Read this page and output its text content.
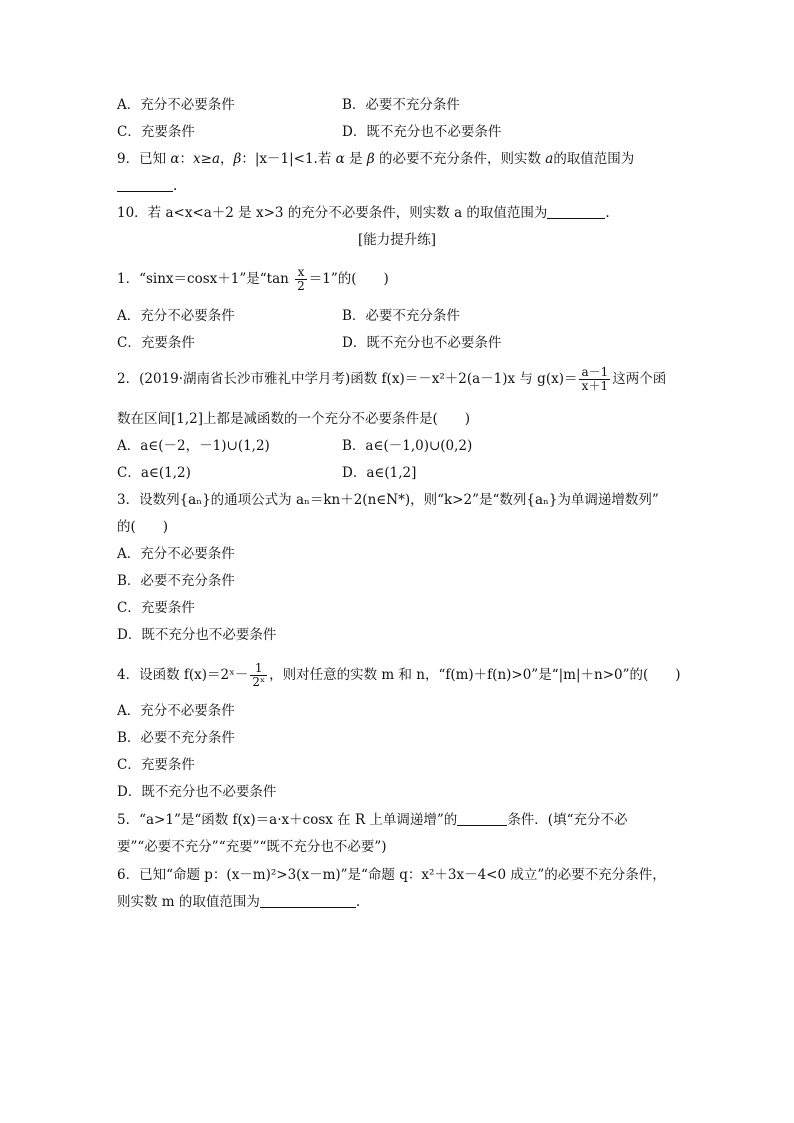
A．充分不必要条件	B．必要不充分条件
C．充要条件	D．既不充分也不必要条件
9．已知 α：x≥a，β：|x－1|<1.若 α 是 β 的必要不充分条件，则实数 a的取值范围为
.
10．若 a<x<a＋2 是 x>3 的充分不必要条件，则实数 a 的取值范围为	.
[能力提升练]
1．“sinx＝cosx＋1”是“$\tan \frac{x}{2} =1$”的(　　)
A．充分不必要条件	B．必要不充分条件
C．充要条件	D．既不充分也不必要条件
2．(2019·湖南省长沙市雅礼中学月考)函数 f(x)＝－x²＋2(a－1)x 与 $g(x)= \frac{a-1}{x+1}$ 这两个函
数在区间[1,2]上都是减函数的一个充分不必要条件是(　　)
A．a∈(－2，－1)∪(1,2)	B．a∈(－1,0)∪(0,2)
C．a∈(1,2)	D．a∈(1,2]
3．设数列{aₙ}的通项公式为 aₙ＝kn＋2(n∈N*)，则“k>2”是“数列{aₙ}为单调递增数列”
的(　　)
A．充分不必要条件
B．必要不充分条件
C．充要条件
D．既不充分也不必要条件
4．设函数 f(x)＝2ˣ－ $\frac{1}{\text{2ˣ}}$ ，则对任意的实数 m 和 n，“f(m)＋f(n)>0”是“|m|＋n>0”的(　　)
A．充分不必要条件
B．必要不充分条件
C．充要条件
D．既不充分也不必要条件
5．“a>1”是“函数 f(x)＝a·x＋cosx 在 R 上单调递增”的	条件．(填“充分不必
要”“必要不充分”“充要”“既不充分也不必要”)
6．已知“命题 p：(x－m)²>3(x－m)”是“命题 q：x²＋3x－4<0 成立”的必要不充分条件，
则实数 m 的取值范围为	.
